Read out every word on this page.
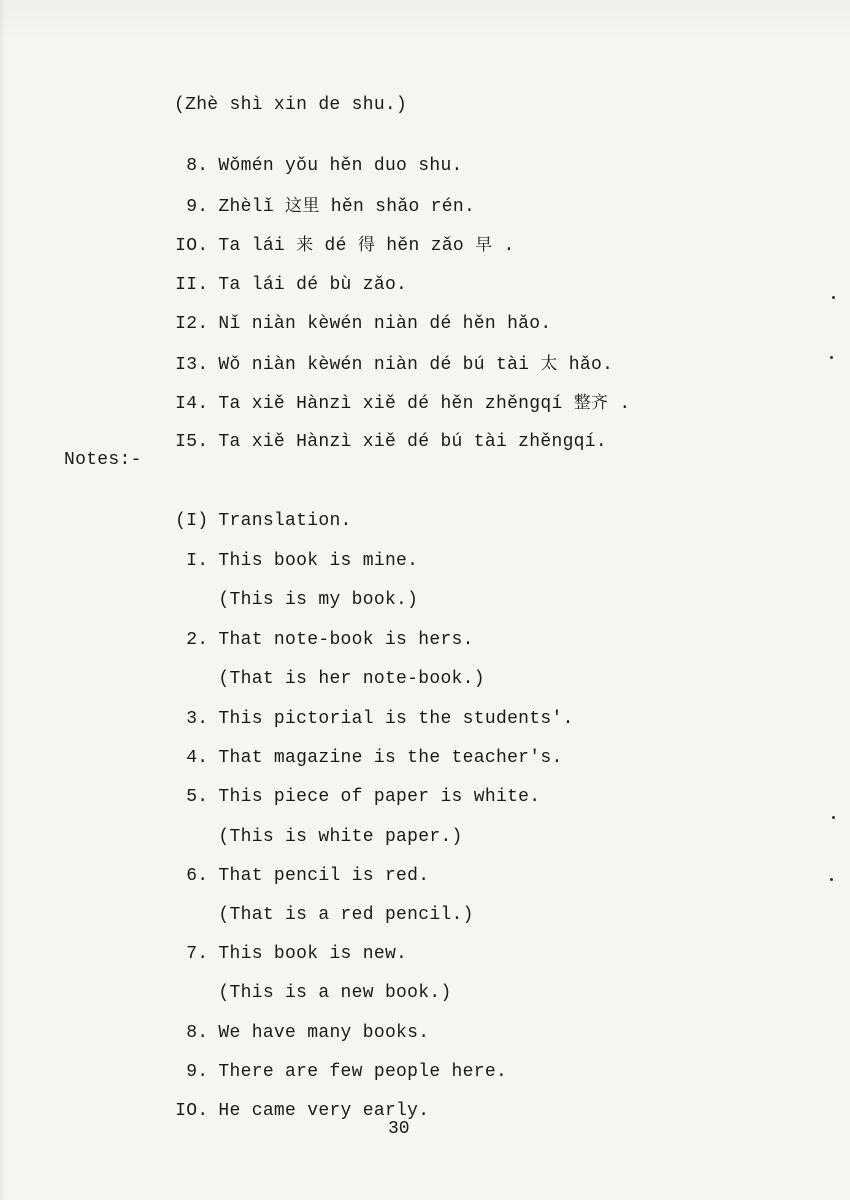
(Zhè shì xin de shu.)

8. Wǒmén yǒu hěn duo shu.

9. Zhèlǐ 这里 hěn shǎo rén.

IO. Ta lái 来 dé 得 hěn zǎo 早 .

II. Ta lái dé bù zǎo.

I2. Nǐ niàn kèwén niàn dé hěn hǎo.

I3. Wǒ niàn kèwén niàn dé bú tài 太 hǎo.

I4. Ta xiě Hànzì xiě dé hěn zhěngqí 整齐 .

I5. Ta xiě Hànzì xiě dé bú tài zhěngqí.

Notes:-

(I) Translation.

I. This book is mine.

(This is my book.)

2. That note-book is hers.

(That is her note-book.)

3. This pictorial is the students'.

4. That magazine is the teacher's.

5. This piece of paper is white.

(This is white paper.)

6. That pencil is red.

(That is a red pencil.)

7. This book is new.

(This is a new book.)

8. We have many books.

9. There are few people here.

IO. He came very early.

30
